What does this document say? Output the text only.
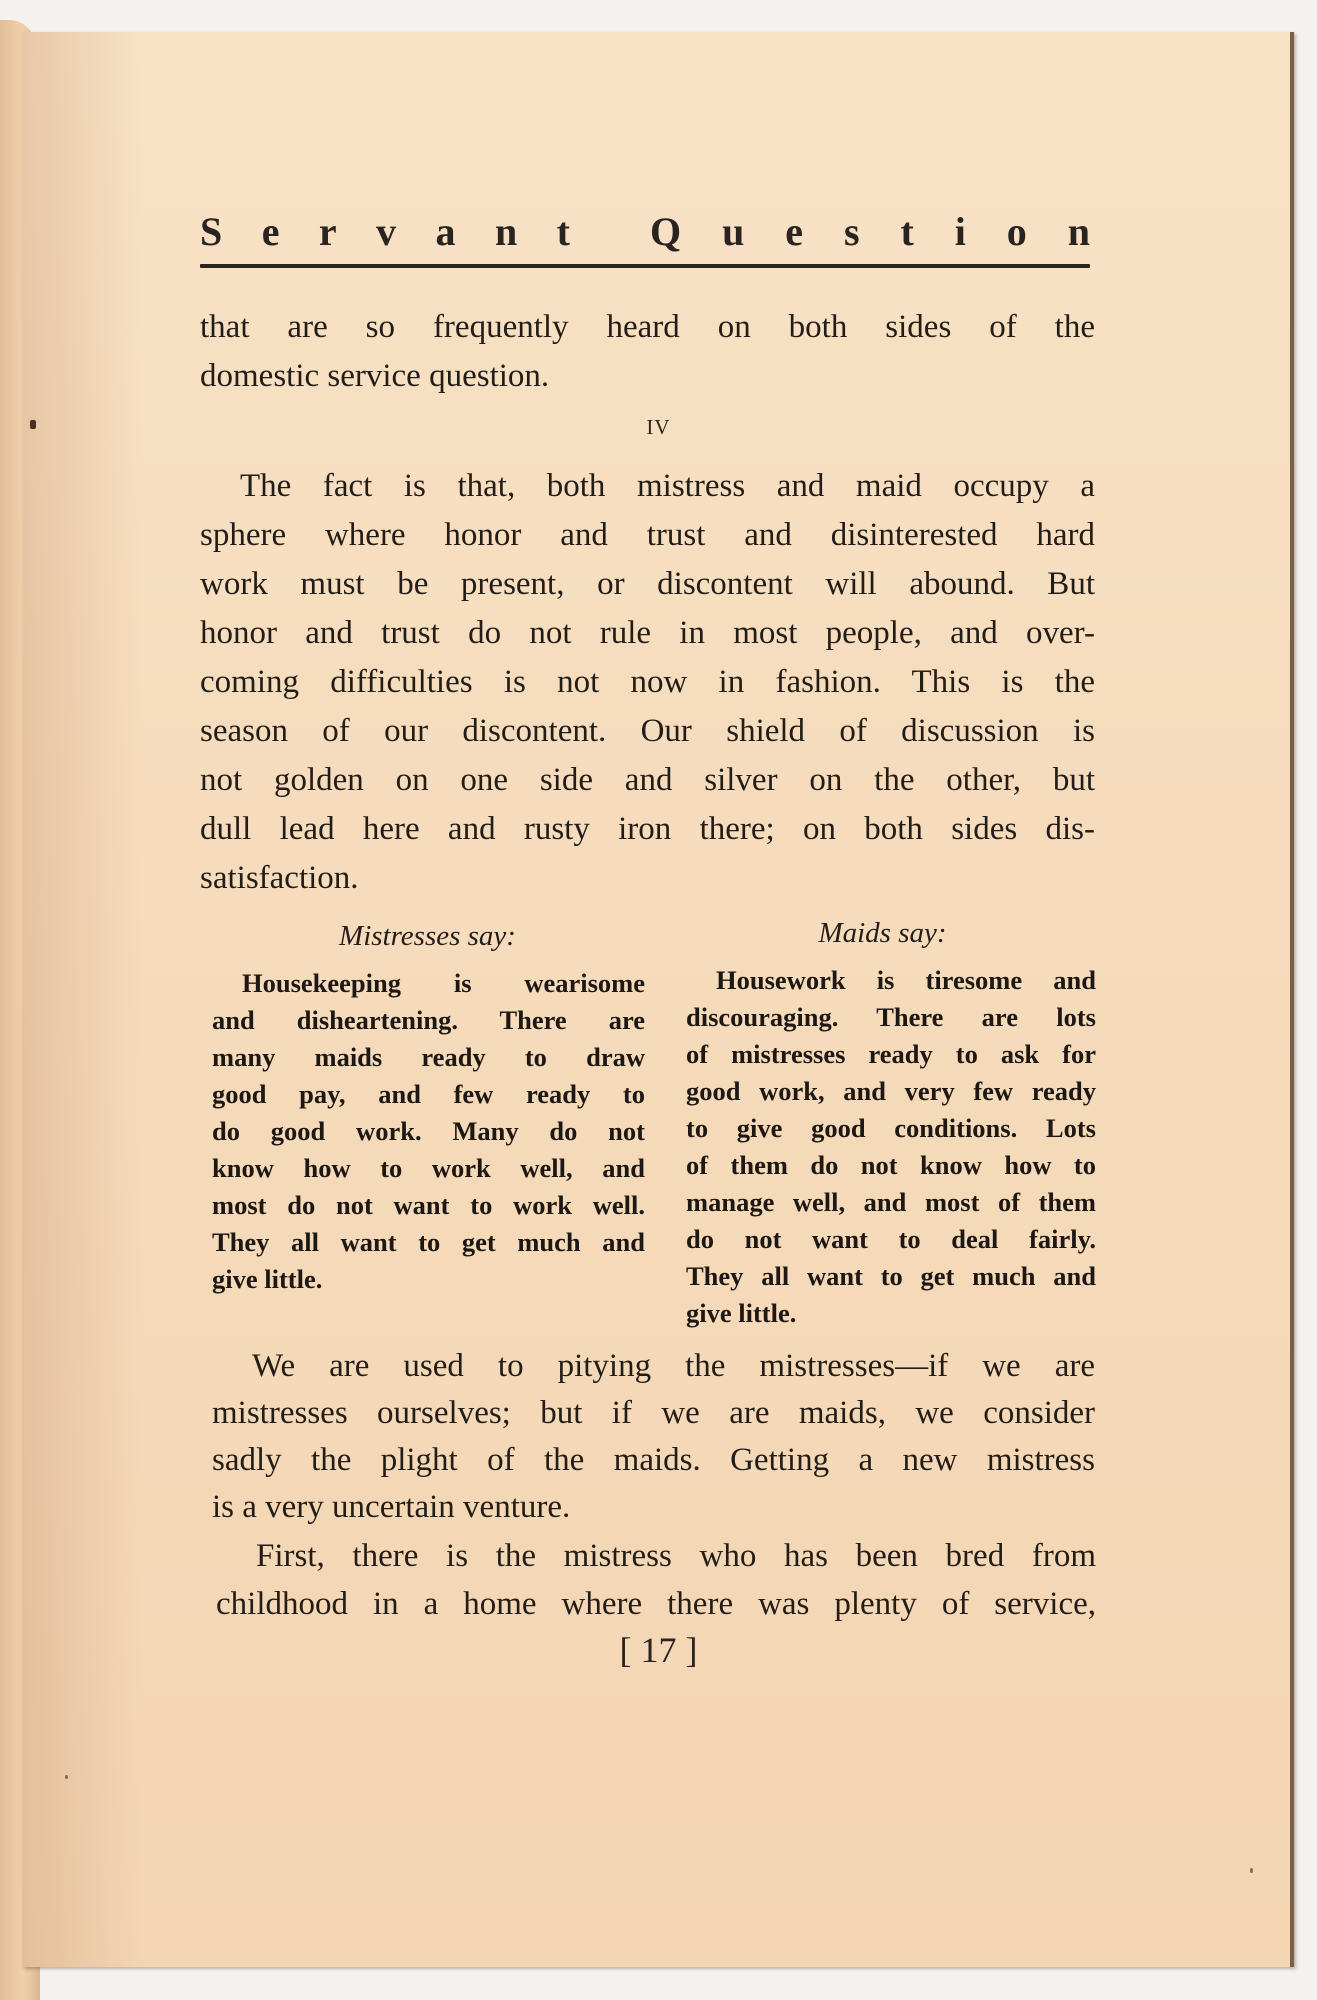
S e r v a n t Q u e s t i o n
that are so frequently heard on both sides of the
domestic service question.
IV
The fact is that, both mistress and maid occupy a
sphere where honor and trust and disinterested hard
work must be present, or discontent will abound. But
honor and trust do not rule in most people, and over-
coming difficulties is not now in fashion. This is the
season of our discontent. Our shield of discussion is
not golden on one side and silver on the other, but
dull lead here and rusty iron there; on both sides dis-
satisfaction.
Mistresses say:
Housekeeping is wearisome
and disheartening. There are
many maids ready to draw
good pay, and few ready to
do good work. Many do not
know how to work well, and
most do not want to work well.
They all want to get much and
give little.
Maids say:
Housework is tiresome and
discouraging. There are lots
of mistresses ready to ask for
good work, and very few ready
to give good conditions. Lots
of them do not know how to
manage well, and most of them
do not want to deal fairly.
They all want to get much and
give little.
We are used to pitying the mistresses—if we are
mistresses ourselves; but if we are maids, we consider
sadly the plight of the maids. Getting a new mistress
is a very uncertain venture.
First, there is the mistress who has been bred from
childhood in a home where there was plenty of service,
[ 17 ]
